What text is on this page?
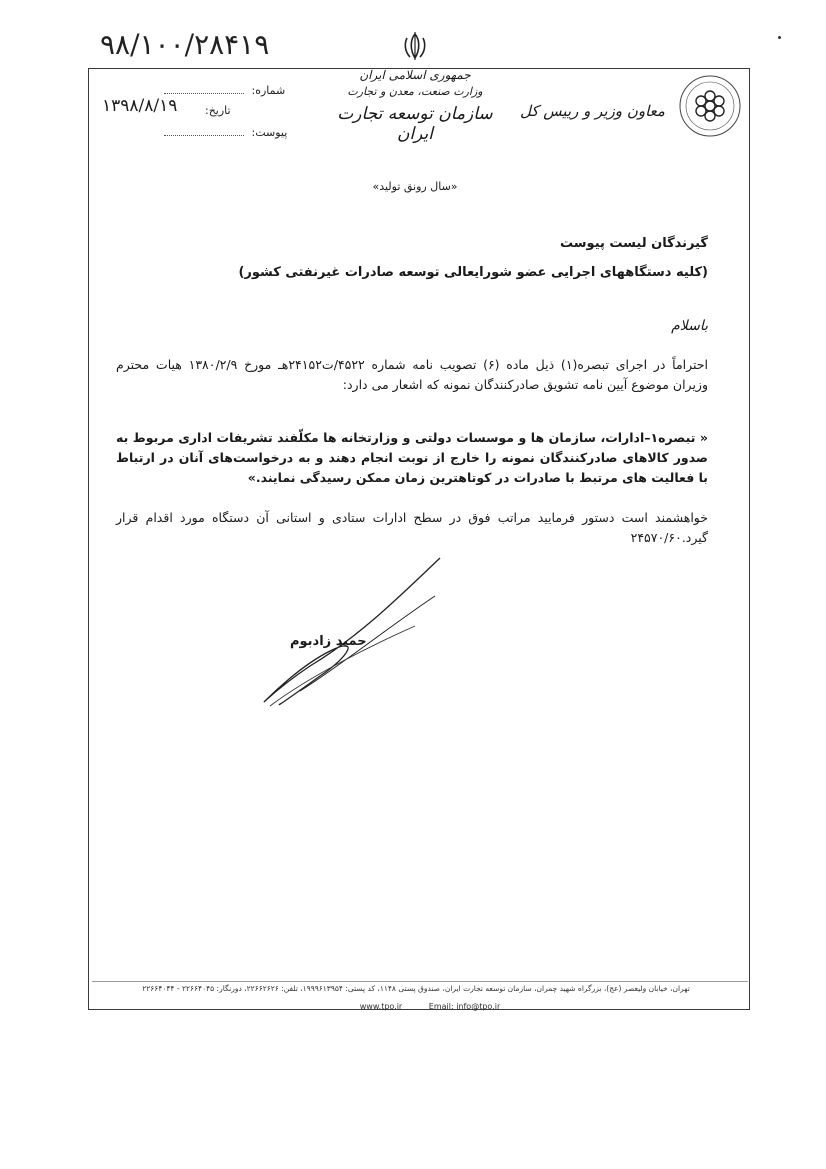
۹۸/۱۰۰/۲۸۴۱۹
شماره:
تاریخ:
۱۳۹۸/۸/۱۹
پیوست:
جمهوری اسلامی ایران
وزارت صنعت، معدن و تجارت
سازمان توسعه تجارت ایران
معاون وزیر و رییس کل
«سال رونق تولید»
گیرندگان لیست پیوست
(کلیه دستگاههای اجرایی عضو شورایعالی توسعه صادرات غیرنفتی کشور)
باسلام
احتراماً در اجرای تبصره(۱) ذیل ماده (۶) تصویب نامه شماره ۴۵۲۲/ت۲۴۱۵۲هـ مورخ ۱۳۸۰/۲/۹ هیات محترم وزیران موضوع آیین نامه تشویق صادرکنندگان نمونه که اشعار می دارد:
« تبصره۱–ادارات، سازمان ها و موسسات دولتی و وزارتخانه ها مکلّفند تشریفات اداری مربوط به صدور کالاهای صادرکنندگان نمونه را خارج از نوبت انجام دهند و به درخواست‌های آنان در ارتباط با فعالیت های مرتبط با صادرات در کوتاهترین زمان ممکن رسیدگی نمایند.»
خواهشمند است دستور فرمایید مراتب فوق در سطح ادارات ستادی و استانی آن دستگاه مورد اقدام قرار گیرد.۲۴۵۷۰/۶۰
حمید زادبوم
تهران، خیابان ولیعصر (عج)، بزرگراه شهید چمران، سازمان توسعه تجارت ایران، صندوق پستی ۱۱۴۸، کد پستی: ۱۹۹۹۶۱۳۹۵۴، تلفن: ۲۲۶۶۲۶۲۶، دورنگار: ۲۲۶۶۴۰۴۵ - ۲۲۶۶۴۰۴۴
www.tpo.ir	Email: info@tpo.ir
